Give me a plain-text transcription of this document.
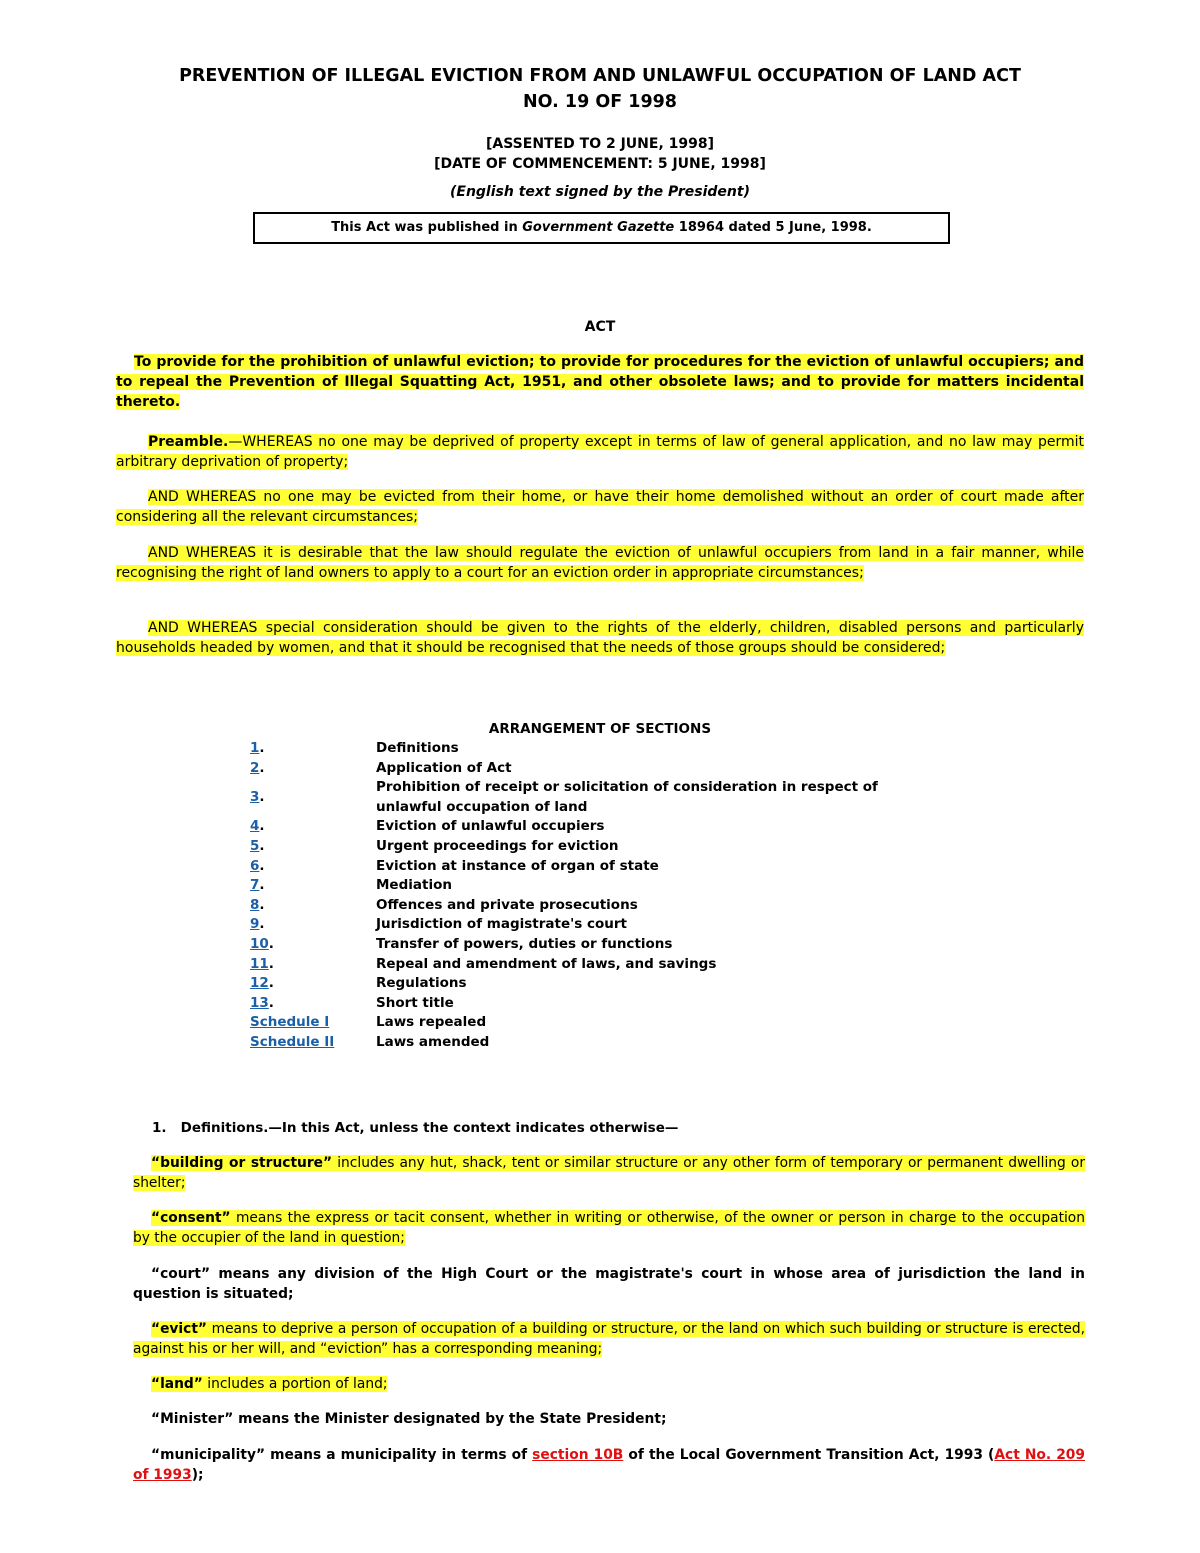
PREVENTION OF ILLEGAL EVICTION FROM AND UNLAWFUL OCCUPATION OF LAND ACT
NO. 19 OF 1998
[ASSENTED TO 2 JUNE, 1998]
[DATE OF COMMENCEMENT: 5 JUNE, 1998]
(English text signed by the President)
This Act was published in Government Gazette 18964 dated 5 June, 1998.
ACT
To provide for the prohibition of unlawful eviction; to provide for procedures for the eviction of unlawful occupiers; and to repeal the Prevention of Illegal Squatting Act, 1951, and other obsolete laws; and to provide for matters incidental thereto.
Preamble.—WHEREAS no one may be deprived of property except in terms of law of general application, and no law may permit arbitrary deprivation of property;
AND WHEREAS no one may be evicted from their home, or have their home demolished without an order of court made after considering all the relevant circumstances;
AND WHEREAS it is desirable that the law should regulate the eviction of unlawful occupiers from land in a fair manner, while recognising the right of land owners to apply to a court for an eviction order in appropriate circumstances;
AND WHEREAS special consideration should be given to the rights of the elderly, children, disabled persons and particularly households headed by women, and that it should be recognised that the needs of those groups should be considered;
ARRANGEMENT OF SECTIONS
1.	Definitions
2.	Application of Act
3.	Prohibition of receipt or solicitation of consideration in respect of unlawful occupation of land
4.	Eviction of unlawful occupiers
5.	Urgent proceedings for eviction
6.	Eviction at instance of organ of state
7.	Mediation
8.	Offences and private prosecutions
9.	Jurisdiction of magistrate's court
10.	Transfer of powers, duties or functions
11.	Repeal and amendment of laws, and savings
12.	Regulations
13.	Short title
Schedule I	Laws repealed
Schedule II	Laws amended
1. Definitions.—In this Act, unless the context indicates otherwise—
“building or structure” includes any hut, shack, tent or similar structure or any other form of temporary or permanent dwelling or shelter;
“consent” means the express or tacit consent, whether in writing or otherwise, of the owner or person in charge to the occupation by the occupier of the land in question;
“court” means any division of the High Court or the magistrate's court in whose area of jurisdiction the land in question is situated;
“evict” means to deprive a person of occupation of a building or structure, or the land on which such building or structure is erected, against his or her will, and “eviction” has a corresponding meaning;
“land” includes a portion of land;
“Minister” means the Minister designated by the State President;
“municipality” means a municipality in terms of section 10B of the Local Government Transition Act, 1993 (Act No. 209 of 1993);
